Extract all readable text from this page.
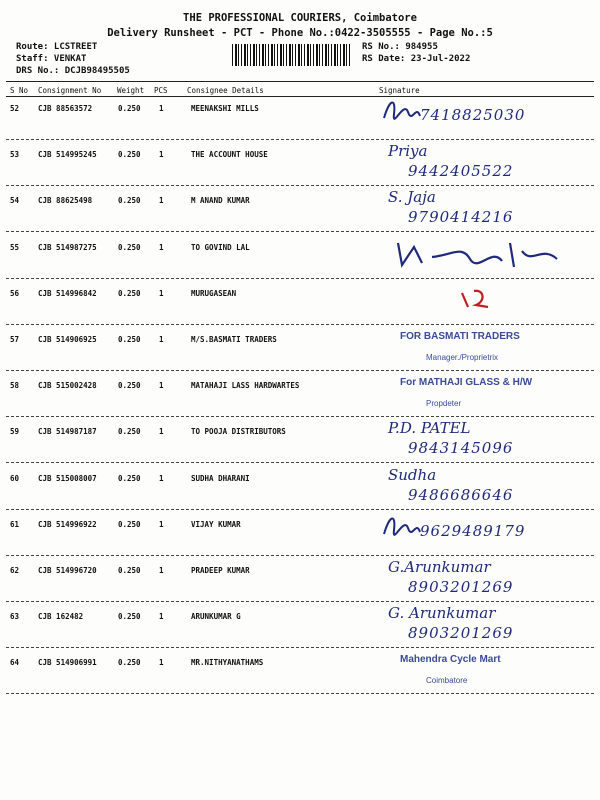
THE PROFESSIONAL COURIERS, Coimbatore
Delivery Runsheet - PCT - Phone No.:0422-3505555 - Page No.:5
Route: LCSTREET
Staff: VENKAT
DRS No.: DCJB98495505
RS No.: 984955
RS Date: 23-Jul-2022
S No Consignment No Weight PCS	Consignee Details	Signature
52	CJB 88563572	0.250 1	MEENAKSHI MILLS	7418825030
53	CJB 514995245	0.250 1	THE ACCOUNT HOUSE	Priya
9442405522
54	CJB 88625498	0.250 1	M ANAND KUMAR	S. Jaja
9790414216
55	CJB 514987275	0.250 1	TO GOVIND LAL
56	CJB 514996842	0.250 1	MURUGASEAN
57	CJB 514906925	0.250 1	M/S.BASMATI TRADERS	FOR BASMATI TRADERS
Manager./Proprietrix
58	CJB 515002428	0.250 1	MATAHAJI LASS HARDWARTES	For MATHAJI GLASS & H/W
Propdeter
59	CJB 514987187	0.250 1	TO POOJA DISTRIBUTORS	P.D. PATEL
9843145096
60	CJB 515008007	0.250 1	SUDHA DHARANI	Sudha
9486686646
61	CJB 514996922	0.250 1	VIJAY KUMAR	9629489179
62	CJB 514996720	0.250 1	PRADEEP KUMAR	G.Arunkumar
8903201269
63	CJB 162482	0.250 1	ARUNKUMAR G	G. Arunkumar
8903201269
64	CJB 514906991	0.250 1	MR.NITHYANATHAMS	Mahendra Cycle Mart
Coimbatore
